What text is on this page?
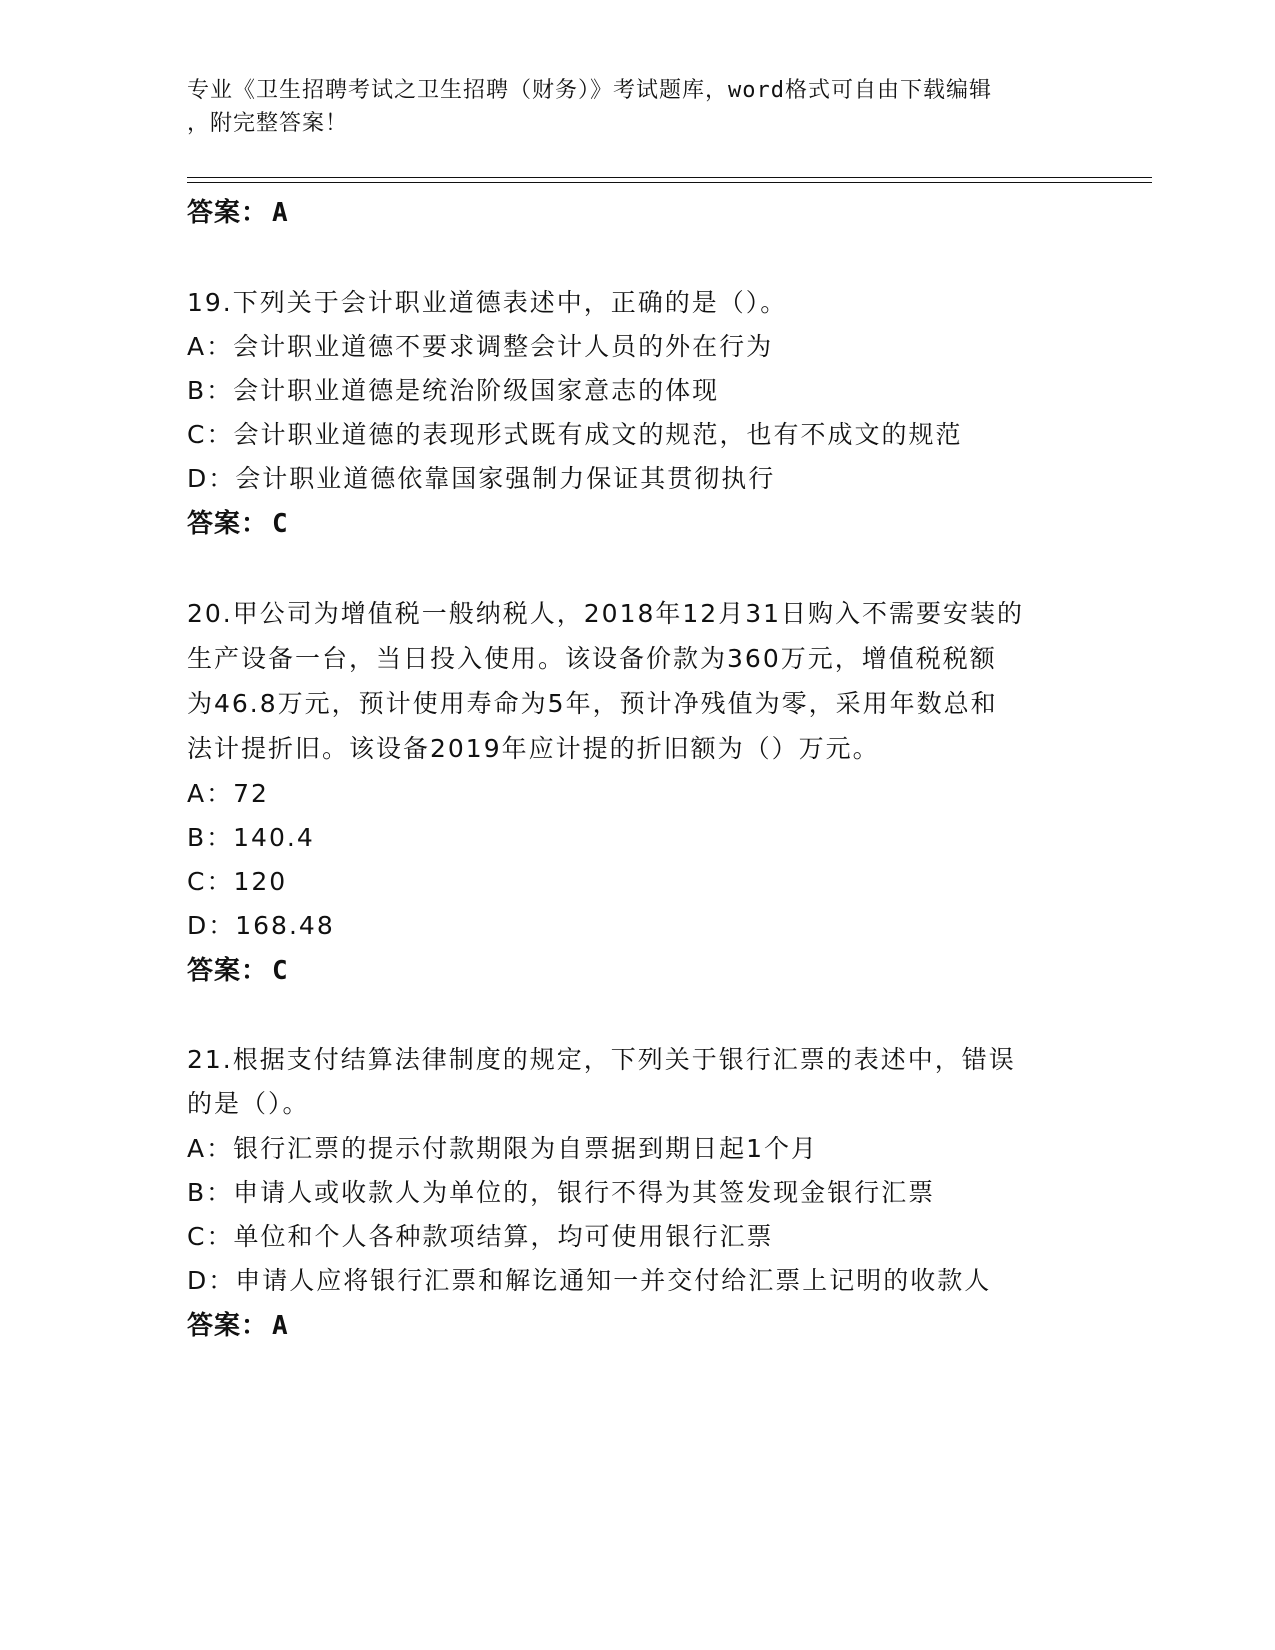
专业《卫生招聘考试之卫生招聘（财务）》考试题库，word格式可自由下载编辑
，附完整答案！
答案： A
19.下列关于会计职业道德表述中，正确的是（）。
A：会计职业道德不要求调整会计人员的外在行为
B：会计职业道德是统治阶级国家意志的体现
C：会计职业道德的表现形式既有成文的规范，也有不成文的规范
D：会计职业道德依靠国家强制力保证其贯彻执行
答案： C
20.甲公司为增值税一般纳税人，2018年12月31日购入不需要安装的
生产设备一台，当日投入使用。该设备价款为360万元，增值税税额
为46.8万元，预计使用寿命为5年，预计净残值为零，采用年数总和
法计提折旧。该设备2019年应计提的折旧额为（）万元。
A：72
B：140.4
C：120
D：168.48
答案： C
21.根据支付结算法律制度的规定，下列关于银行汇票的表述中，错误
的是（）。
A：银行汇票的提示付款期限为自票据到期日起1个月
B：申请人或收款人为单位的，银行不得为其签发现金银行汇票
C：单位和个人各种款项结算，均可使用银行汇票
D：申请人应将银行汇票和解讫通知一并交付给汇票上记明的收款人
答案： A
